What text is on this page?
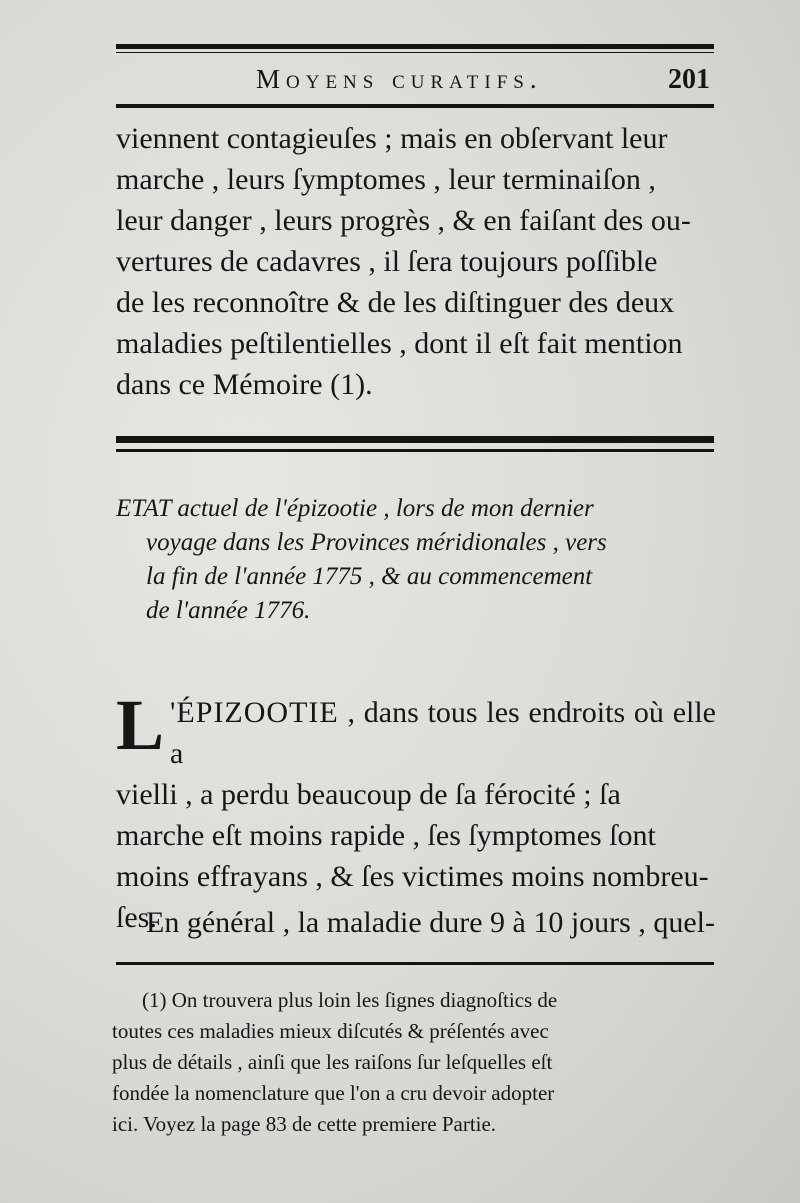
Moyens curatifs.	201

viennent contagieuſes ; mais en obſervant leur
marche , leurs ſymptomes , leur terminaiſon ,
leur danger , leurs progrès , & en faiſant des ou-
vertures de cadavres , il ſera toujours poſſible
de les reconnoître & de les diſtinguer des deux
maladies peſtilentielles , dont il eſt fait mention
dans ce Mémoire (1).

ETAT actuel de l'épizootie , lors de mon dernier
voyage dans les Provinces méridionales , vers
la fin de l'année 1775 , & au commencement
de l'année 1776.

L 'ÉPIZOOTIE , dans tous les endroits où elle a
vielli , a perdu beaucoup de ſa férocité ; ſa
marche eſt moins rapide , ſes ſymptomes ſont
moins effrayans , & ſes victimes moins nombreu-
ſes.

En général , la maladie dure 9 à 10 jours , quel-

(1) On trouvera plus loin les ſignes diagnoſtics de
toutes ces maladies mieux diſcutés & préſentés avec
plus de détails , ainſi que les raiſons ſur leſquelles eſt
fondée la nomenclature que l'on a cru devoir adopter
ici. Voyez la page 83 de cette premiere Partie.
